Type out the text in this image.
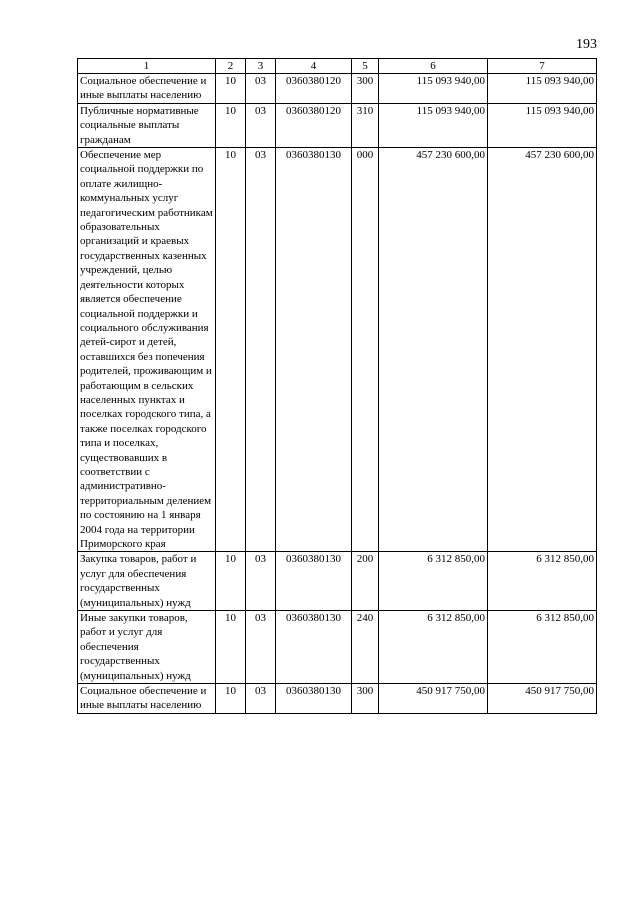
193
1	2	3	4	5	6	7
Социальное обеспечение и иные выплаты населению	10	03	0360380120	300	115 093 940,00	115 093 940,00
Публичные нормативные социальные выплаты гражданам	10	03	0360380120	310	115 093 940,00	115 093 940,00
Обеспечение мер социальной поддержки по оплате жилищно-коммунальных услуг педагогическим работникам образовательных организаций и краевых государственных казенных учреждений, целью деятельности которых является обеспечение социальной поддержки и социального обслуживания детей-сирот и детей, оставшихся без попечения родителей, проживающим и работающим в сельских населенных пунктах и поселках городского типа, а также поселках городского типа и поселках, существовавших в соответствии с административно-территориальным делением по состоянию на 1 января 2004 года на территории Приморского края	10	03	0360380130	000	457 230 600,00	457 230 600,00
Закупка товаров, работ и услуг для обеспечения государственных (муниципальных) нужд	10	03	0360380130	200	6 312 850,00	6 312 850,00
Иные закупки товаров, работ и услуг для обеспечения государственных (муниципальных) нужд	10	03	0360380130	240	6 312 850,00	6 312 850,00
Социальное обеспечение и иные выплаты населению	10	03	0360380130	300	450 917 750,00	450 917 750,00
